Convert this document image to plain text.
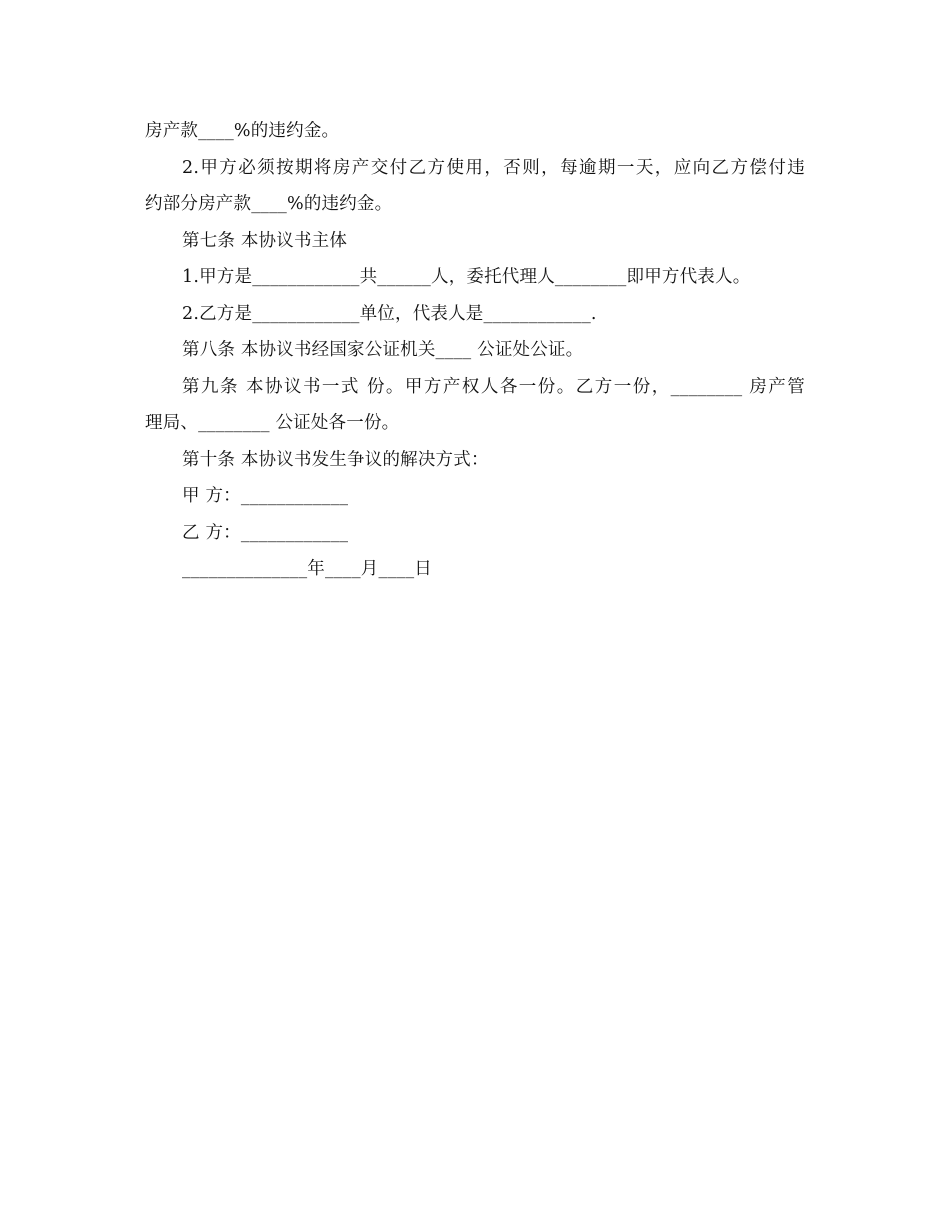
房产款____%的违约金。
2.甲方必须按期将房产交付乙方使用，否则，每逾期一天，应向乙方偿付违
约部分房产款____%的违约金。
第七条 本协议书主体
1.甲方是____________共______人，委托代理人________即甲方代表人。
2.乙方是____________单位，代表人是____________.
第八条 本协议书经国家公证机关____ 公证处公证。
第九条 本协议书一式 份。甲方产权人各一份。乙方一份，________ 房产管
理局、________ 公证处各一份。
第十条 本协议书发生争议的解决方式：
甲 方：____________
乙 方：____________
______________年____月____日
